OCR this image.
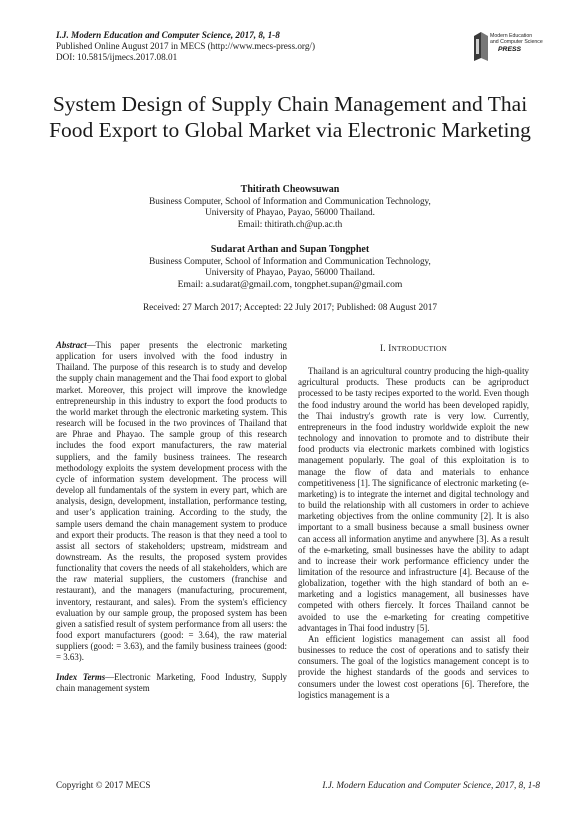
I.J. Modern Education and Computer Science, 2017, 8, 1-8
Published Online August 2017 in MECS (http://www.mecs-press.org/)
DOI: 10.5815/ijmecs.2017.08.01
Modern Education
and Computer Science
PRESS
System Design of Supply Chain Management and Thai Food Export to Global Market via Electronic Marketing
Thitirath Cheowsuwan
Business Computer, School of Information and Communication Technology,
University of Phayao, Payao, 56000 Thailand.
Email: thitirath.ch@up.ac.th
Sudarat Arthan and Supan Tongphet
Business Computer, School of Information and Communication Technology,
University of Phayao, Payao, 56000 Thailand.
Email: a.sudarat@gmail.com, tongphet.supan@gmail.com
Received: 27 March 2017; Accepted: 22 July 2017; Published: 08 August 2017

Abstract—This paper presents the electronic marketing application for users involved with the food industry in Thailand. The purpose of this research is to study and develop the supply chain management and the Thai food export to global market. Moreover, this project will improve the knowledge entrepreneurship in this industry to export the food products to the world market through the electronic marketing system. This research will be focused in the two provinces of Thailand that are Phrae and Phayao. The sample group of this research includes the food export manufacturers, the raw material suppliers, and the family business trainees. The research methodology exploits the system development process with the cycle of information system development. The process will develop all fundamentals of the system in every part, which are analysis, design, development, installation, performance testing, and user’s application training. According to the study, the sample users demand the chain management system to produce and export their products. The reason is that they need a tool to assist all sectors of stakeholders; upstream, midstream and downstream. As the results, the proposed system provides functionality that covers the needs of all stakeholders, which are the raw material suppliers, the customers (franchise and restaurant), and the managers (manufacturing, procurement, inventory, restaurant, and sales). From the system's efficiency evaluation by our sample group, the proposed system has been given a satisfied result of system performance from all users: the food export manufacturers (good: = 3.64), the raw material suppliers (good: = 3.63), and the family business trainees (good: = 3.63).

Index Terms—Electronic Marketing, Food Industry, Supply chain management system

I. INTRODUCTION

Thailand is an agricultural country producing the high-quality agricultural products. These products can be agriproduct processed to be tasty recipes exported to the world. Even though the food industry around the world has been developed rapidly, the Thai industry's growth rate is very low. Currently, entrepreneurs in the food industry worldwide exploit the new technology and innovation to promote and to distribute their food products via electronic markets combined with logistics management popularly. The goal of this exploitation is to manage the flow of data and materials to enhance competitiveness [1]. The significance of electronic marketing (e-marketing) is to integrate the internet and digital technology and to build the relationship with all customers in order to achieve marketing objectives from the online community [2]. It is also important to a small business because a small business owner can access all information anytime and anywhere [3]. As a result of the e-marketing, small businesses have the ability to adapt and to increase their work performance efficiency under the limitation of the resource and infrastructure [4]. Because of the globalization, together with the high standard of both an e-marketing and a logistics management, all businesses have competed with others fiercely. It forces Thailand cannot be avoided to use the e-marketing for creating competitive advantages in Thai food industry [5].

An efficient logistics management can assist all food businesses to reduce the cost of operations and to satisfy their consumers. The goal of the logistics management concept is to provide the highest standards of the goods and services to consumers under the lowest cost operations [6]. Therefore, the logistics management is a

Copyright © 2017 MECS	I.J. Modern Education and Computer Science, 2017, 8, 1-8
